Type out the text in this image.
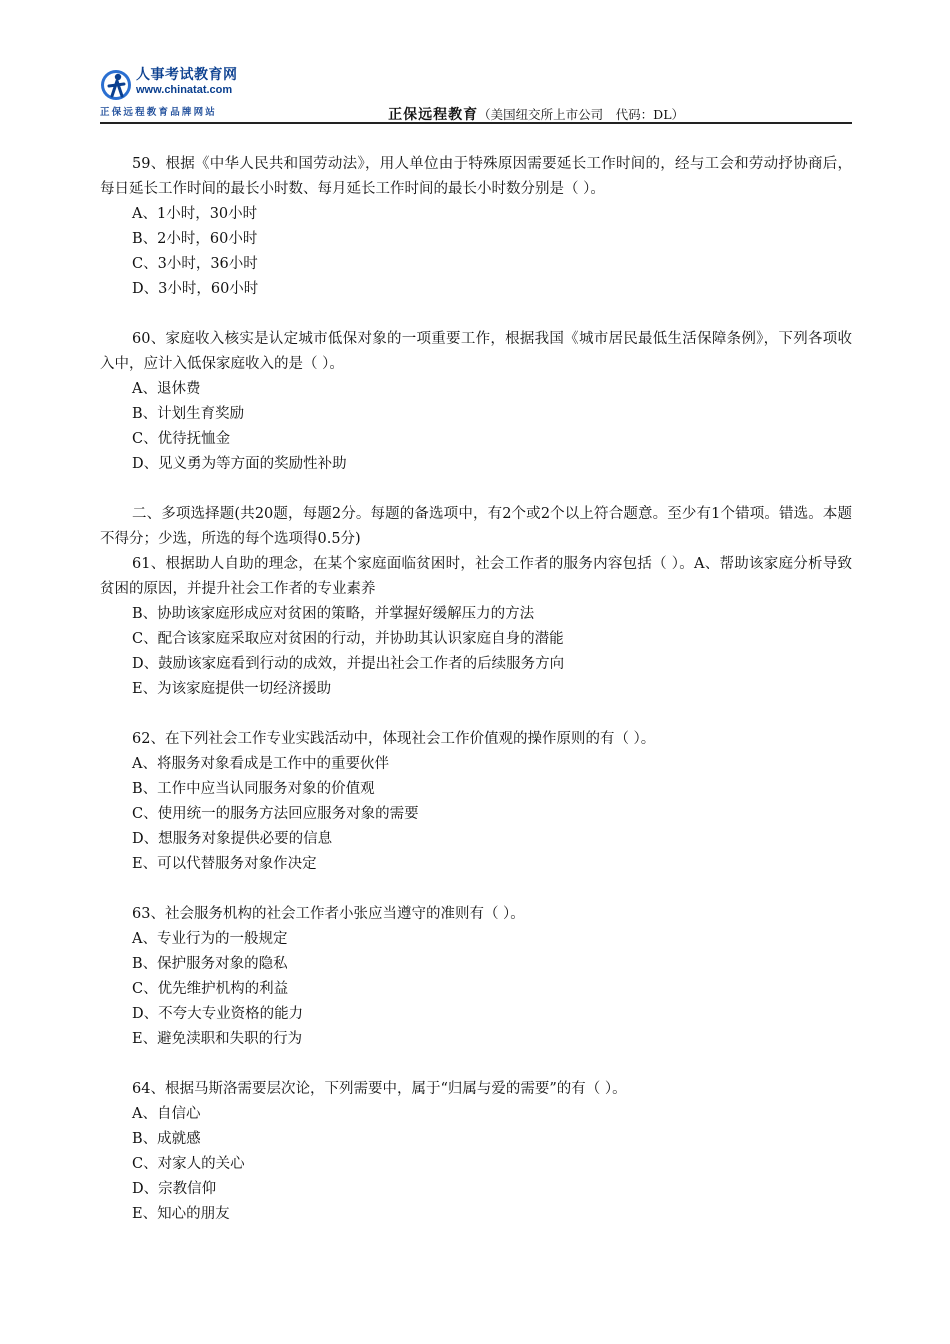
人事考试教育网
www.chinatat.com
正保远程教育品牌网站	正保远程教育（美国纽交所上市公司　代码：DL）

59、根据《中华人民共和国劳动法》，用人单位由于特殊原因需要延长工作时间的，经与工会和劳动抒协商后，每日延长工作时间的最长小时数、每月延长工作时间的最长小时数分别是（ ）。

A、1小时，30小时

B、2小时，60小时

C、3小时，36小时

D、3小时，60小时

60、家庭收入核实是认定城市低保对象的一项重要工作，根据我国《城市居民最低生活保障条例》，下列各项收入中，应计入低保家庭收入的是（ ）。

A、退休费

B、计划生育奖励

C、优待抚恤金

D、见义勇为等方面的奖励性补助

二、多项选择题(共20题，每题2分。每题的备选项中，有2个或2个以上符合题意。至少有1个错项。错选。本题不得分；少选，所选的每个选项得0.5分)

61、根据助人自助的理念，在某个家庭面临贫困时，社会工作者的服务内容包括（ ）。A、帮助该家庭分析导致贫困的原因，并提升社会工作者的专业素养

B、协助该家庭形成应对贫困的策略，并掌握好缓解压力的方法

C、配合该家庭采取应对贫困的行动，并协助其认识家庭自身的潜能

D、鼓励该家庭看到行动的成效，并提出社会工作者的后续服务方向

E、为该家庭提供一切经济援助

62、在下列社会工作专业实践活动中，体现社会工作价值观的操作原则的有（ ）。

A、将服务对象看成是工作中的重要伙伴

B、工作中应当认同服务对象的价值观

C、使用统一的服务方法回应服务对象的需要

D、想服务对象提供必要的信息

E、可以代替服务对象作决定

63、社会服务机构的社会工作者小张应当遵守的准则有（ ）。

A、专业行为的一般规定

B、保护服务对象的隐私

C、优先维护机构的利益

D、不夸大专业资格的能力

E、避免渎职和失职的行为

64、根据马斯洛需要层次论，下列需要中，属于“归属与爱的需要”的有（ ）。

A、自信心

B、成就感

C、对家人的关心

D、宗教信仰

E、知心的朋友
